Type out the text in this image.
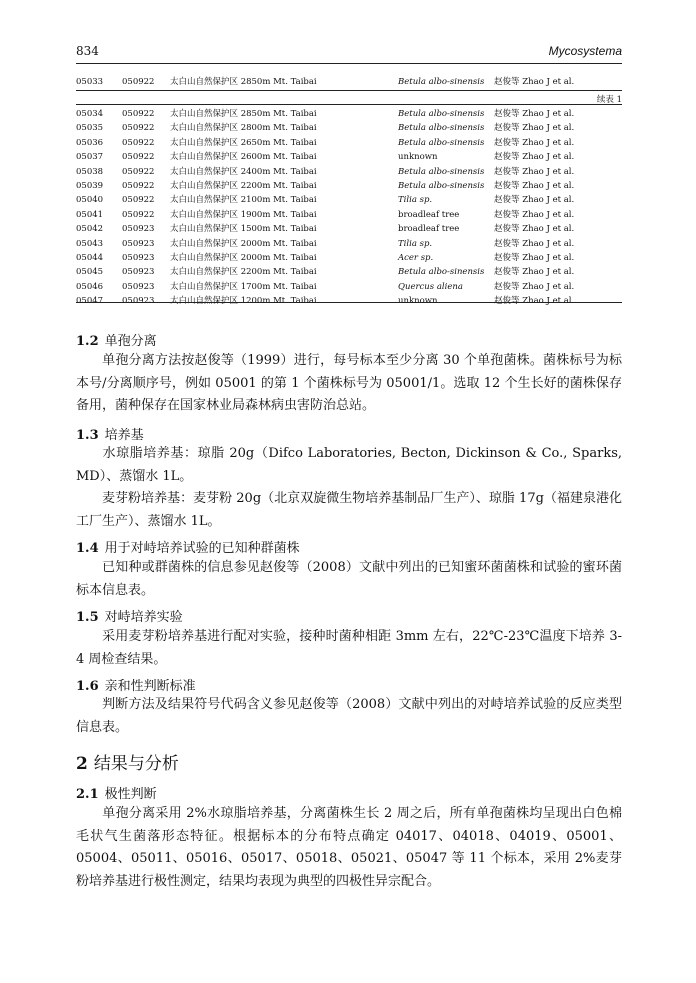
834	Mycosystema
05033 050922 太白山自然保护区 2850m Mt. Taibai	Betula albo-sinensis 赵俊等 Zhao J et al.
续表 1
05034 050922 太白山自然保护区 2850m Mt. Taibai	Betula albo-sinensis 赵俊等 Zhao J et al.
05035 050922 太白山自然保护区 2800m Mt. Taibai	Betula albo-sinensis 赵俊等 Zhao J et al.
05036 050922 太白山自然保护区 2650m Mt. Taibai	Betula albo-sinensis 赵俊等 Zhao J et al.
05037 050922 太白山自然保护区 2600m Mt. Taibai	unknown	赵俊等 Zhao J et al.
05038 050922 太白山自然保护区 2400m Mt. Taibai	Betula albo-sinensis 赵俊等 Zhao J et al.
05039 050922 太白山自然保护区 2200m Mt. Taibai	Betula albo-sinensis 赵俊等 Zhao J et al.
05040 050922 太白山自然保护区 2100m Mt. Taibai	Tilia sp.	赵俊等 Zhao J et al.
05041 050922 太白山自然保护区 1900m Mt. Taibai	broadleaf tree	赵俊等 Zhao J et al.
05042 050923 太白山自然保护区 1500m Mt. Taibai	broadleaf tree	赵俊等 Zhao J et al.
05043 050923 太白山自然保护区 2000m Mt. Taibai	Tilia sp.	赵俊等 Zhao J et al.
05044 050923 太白山自然保护区 2000m Mt. Taibai	Acer sp.	赵俊等 Zhao J et al.
05045 050923 太白山自然保护区 2200m Mt. Taibai	Betula albo-sinensis 赵俊等 Zhao J et al.
05046 050923 太白山自然保护区 1700m Mt. Taibai	Quercus aliena	赵俊等 Zhao J et al.
05047 050923 太白山自然保护区 1200m Mt. Taibai	unknown	赵俊等 Zhao J et al.
1.2 单孢分离
单孢分离方法按赵俊等（1999）进行，每号标本至少分离 30 个单孢菌株。菌株标号为标本号/分离顺序号，例如 05001 的第 1 个菌株标号为 05001/1。选取 12 个生长好的菌株保存备用，菌种保存在国家林业局森林病虫害防治总站。
1.3 培养基
水琼脂培养基：琼脂 20g（Difco Laboratories, Becton, Dickinson & Co., Sparks, MD）、蒸馏水 1L。
麦芽粉培养基：麦芽粉 20g（北京双旋微生物培养基制品厂生产）、琼脂 17g（福建泉港化工厂生产）、蒸馏水 1L。
1.4 用于对峙培养试验的已知种群菌株
已知种或群菌株的信息参见赵俊等（2008）文献中列出的已知蜜环菌菌株和试验的蜜环菌标本信息表。
1.5 对峙培养实验
采用麦芽粉培养基进行配对实验，接种时菌种相距 3mm 左右，22℃-23℃温度下培养 3-4 周检查结果。
1.6 亲和性判断标准
判断方法及结果符号代码含义参见赵俊等（2008）文献中列出的对峙培养试验的反应类型信息表。
2 结果与分析
2.1 极性判断
单孢分离采用 2%水琼脂培养基，分离菌株生长 2 周之后，所有单孢菌株均呈现出白色棉毛状气生菌落形态特征。根据标本的分布特点确定 04017、04018、04019、05001、05004、05011、05016、05017、05018、05021、05047 等 11 个标本，采用 2%麦芽粉培养基进行极性测定，结果均表现为典型的四极性异宗配合。
